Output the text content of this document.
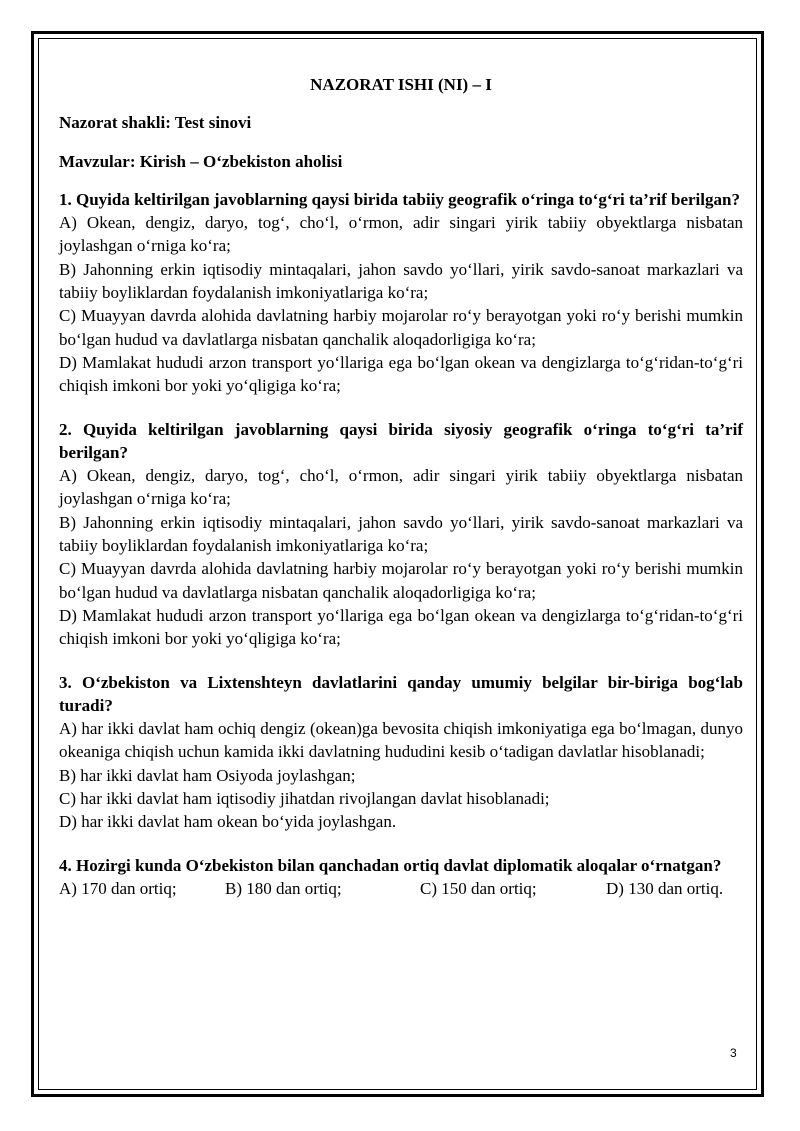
NAZORAT ISHI (NI) – I

Nazorat shakli: Test sinovi

Mavzular: Kirish – O‘zbekiston aholisi

1. Quyida keltirilgan javoblarning qaysi birida tabiiy geografik o‘ringa to‘g‘ri ta’rif berilgan?

A) Okean, dengiz, daryo, tog‘, cho‘l, o‘rmon, adir singari yirik tabiiy obyektlarga nisbatan joylashgan o‘rniga ko‘ra;

B) Jahonning erkin iqtisodiy mintaqalari, jahon savdo yo‘llari, yirik savdo-sanoat markazlari va tabiiy boyliklardan foydalanish imkoniyatlariga ko‘ra;

C) Muayyan davrda alohida davlatning harbiy mojarolar ro‘y berayotgan yoki ro‘y berishi mumkin bo‘lgan hudud va davlatlarga nisbatan qanchalik aloqadorligiga ko‘ra;

D) Mamlakat hududi arzon transport yo‘llariga ega bo‘lgan okean va dengizlarga to‘g‘ridan-to‘g‘ri chiqish imkoni bor yoki yo‘qligiga ko‘ra;

2. Quyida keltirilgan javoblarning qaysi birida siyosiy geografik o‘ringa to‘g‘ri ta’rif berilgan?

A) Okean, dengiz, daryo, tog‘, cho‘l, o‘rmon, adir singari yirik tabiiy obyektlarga nisbatan joylashgan o‘rniga ko‘ra;

B) Jahonning erkin iqtisodiy mintaqalari, jahon savdo yo‘llari, yirik savdo-sanoat markazlari va tabiiy boyliklardan foydalanish imkoniyatlariga ko‘ra;

C) Muayyan davrda alohida davlatning harbiy mojarolar ro‘y berayotgan yoki ro‘y berishi mumkin bo‘lgan hudud va davlatlarga nisbatan qanchalik aloqadorligiga ko‘ra;

D) Mamlakat hududi arzon transport yo‘llariga ega bo‘lgan okean va dengizlarga to‘g‘ridan-to‘g‘ri chiqish imkoni bor yoki yo‘qligiga ko‘ra;

3. O‘zbekiston va Lixtenshteyn davlatlarini qanday umumiy belgilar bir-biriga bog‘lab turadi?

A) har ikki davlat ham ochiq dengiz (okean)ga bevosita chiqish imkoniyatiga ega bo‘lmagan, dunyo okeaniga chiqish uchun kamida ikki davlatning hududini kesib o‘tadigan davlatlar hisoblanadi;

B) har ikki davlat ham Osiyoda joylashgan;

C) har ikki davlat ham iqtisodiy jihatdan rivojlangan davlat hisoblanadi;

D) har ikki davlat ham okean bo‘yida joylashgan.

4. Hozirgi kunda O‘zbekiston bilan qanchadan ortiq davlat diplomatik aloqalar o‘rnatgan?

A) 170 dan ortiq;	B) 180 dan ortiq;	C) 150 dan ortiq;	D) 130 dan ortiq.
3
